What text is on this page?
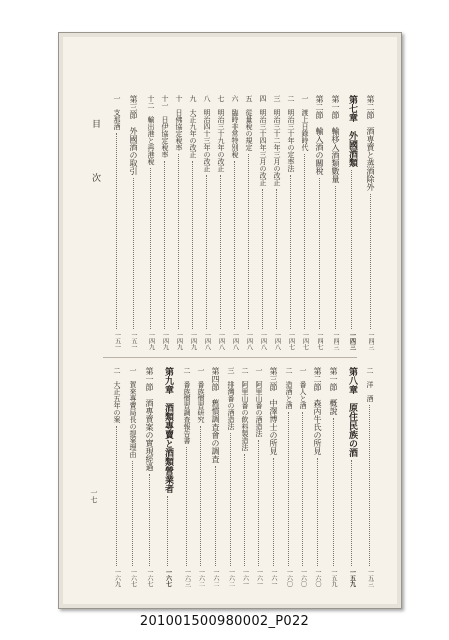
第二節　酒専賣と蒸酒除外
一四三
第七章　外國酒類
一四三
第一節　輸移入酒類數量
一四三
第二節　輸入酒の關稅
一四七
一　渡上日錄時代
一四七
二　明治三十年の定率法
一四七
三　明治三十二年三月の改正
一四八
四　明治三十四年三月の改正
一四八
五　從量稅の規定
一四八
六　臨時非常特別稅
一四八
七　明治三十九年の改正
一四八
八　明治四十三年の改正
一四八
九　大正九年の改正
一四九
十　日佛協定稅率
一四九
十一　日伊協定稅率
一四九
十二　輸出港と再港稅
一四九
第三節　外國酒の取引
一五一
一　支那酒
一五一
二　洋　酒
一五三
第八章　原住民族の酒
一五九
第一節　概說
一五九
第二節　森丙牛氏の所見
一六〇
一　番人と酒
一六〇
二　造酒と酒
一六〇
第三節　中澤博士の所見
一六一
一　阿里山番の酒造法
一六一
二　阿里山番の飲料製造法
一六一
三　排灣番の酒造法
一六二
第四節　舊慣調査會の調査
一六二
一　番族慣習研究
一六二
二　番族慣習調查報告書
一六三
第九章　酒類專賣と酒類營業者
一六七
第一節　酒專賣案の實現經過
一六七
一　賀來專賣局長の提案理由
一六七
二　大正五年の案
一六九
目　次
一七
201001500980002_P022
